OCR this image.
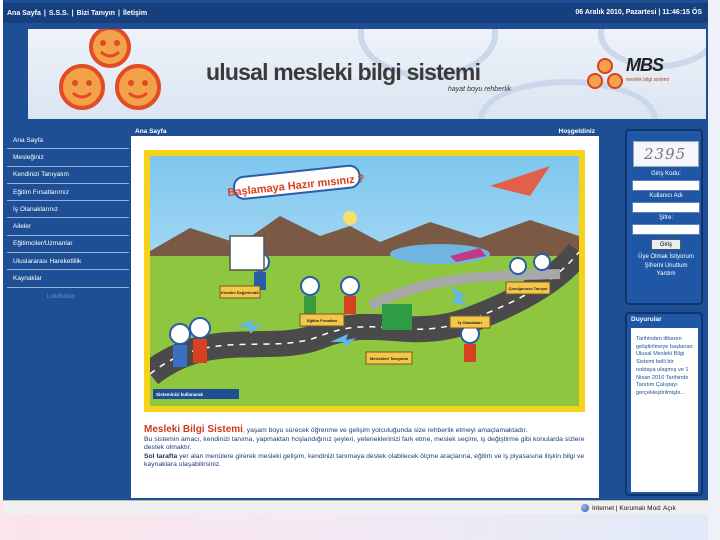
Ana Sayfa | S.S.S. | Bizi Tanıyın | İletişim	06 Aralık 2010, Pazartesi | 11:46:15 ÖS
ulusal mesleki bilgi sistemi
hayat boyu rehberlik
MBS
meslek bilgi sistemi
Ana Sayfa
Mesleğiniz
Kendinizi Tanıyalım
Eğitim Fırsatlarımız
İş Olanaklarınız
Aileler
Eğitimciler/Uzmanlar
Uluslararası Hareketlilik
Kaynaklar
LinkButton
Ana Sayfa	Hoşgeldiniz
Başlamaya Hazır mısınız ?
Kendini Değerlendir
Eğitim Fırsatları	İş Olanakları
Çocuğunuzu Tanıyın
Meslekleri Tanıyalım
Sisteminizi kullanarak
Mesleki Bilgi Sistemi, yaşam boyu sürecek öğrenme ve gelişim yolculuğunda size rehberlik etmeyi amaçlamaktadır.
Bu sistemin amacı, kendinizi tanıma, yapmaktan hoşlandığınız şeyleri, yeteneklerinizi fark etme, meslek seçimi, iş değiştirme gibi konularda sizlere destek olmaktır.
Sol tarafta yer alan menülere girerek mesleki gelişim, kendinizi tanımaya destek olabilecek ölçme araçlarına, eğitim ve iş piyasasına ilişkin bilgi ve kaynaklara ulaşabilirsiniz.
2395
Giriş Kodu:
Kullanıcı Adı
Şifre:
Giriş
Üye Olmak İstiyorum
Şifremi Unuttum
Yardım
Duyurular
Tarihinden itibaren geliştirilmeye başlanan Ulusal Mesleki Bilgi Sistemi belli bir noktaya ulaşmış ve 1 Nisan 2010 Tarihinde Tanıtım Çalıştayı gerçekleştirilmiştir...
Internet | Korumalı Mod: Açık
